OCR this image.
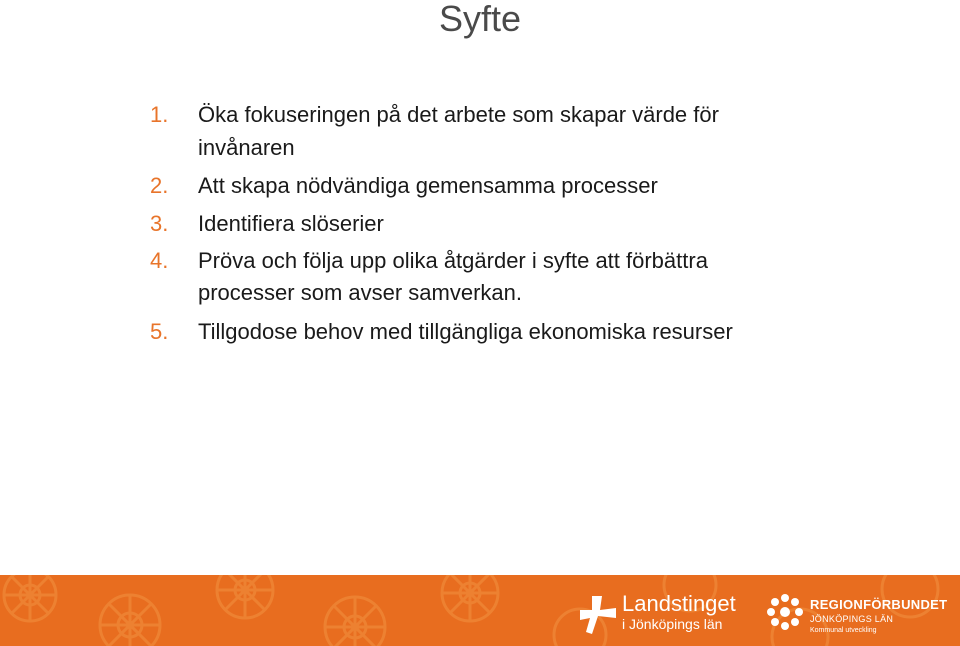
Syfte
1. Öka fokuseringen på det arbete som skapar värde för
invånaren
2. Att skapa nödvändiga gemensamma processer
3. Identifiera slöserier
4. Pröva och följa upp olika åtgärder i syfte att förbättra
processer som avser samverkan.
5. Tillgodose behov med tillgängliga ekonomiska resurser
Landstinget
i Jönköpings län
REGIONFÖRBUNDET
JÖNKÖPINGS LÄN
Kommunal utveckling
